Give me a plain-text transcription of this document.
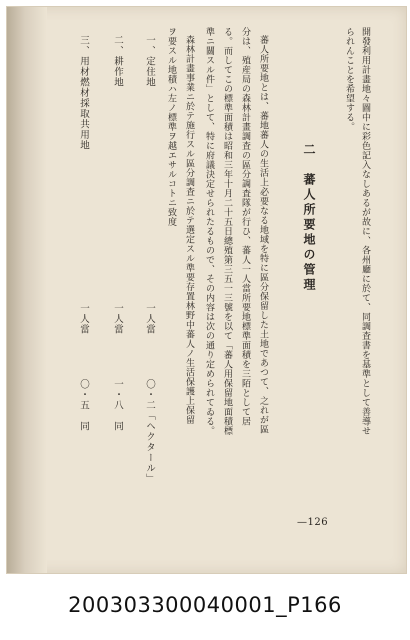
開發利用計畫地々圖中に彩色記入なしあるが故に、各州廳に於て、同調査書を基準として善導せ
られんことを希望する。
二　蕃人所要地の管理
蕃人所要地とは、蕃地蕃人の生活上必要なる地域を特に區分保留した土地であつて、之れが區
分は、殖産局の森林計畫調査の區分調査隊が行ひ、蕃人一人當所要地標準面積を三陌として居
る。而してこの標準面積は昭和三年十月二十五日總殖第三五一三號を以て「蕃人用保留地面積標
準ニ關スル件」として、特に府議決定せられたるもので、その内容は次の通り定められてゐる。
森林計畫事業ニ於テ施行スル區分調査ニ於テ選定スル準要存置林野中蕃人ノ生活保護上保留
ヲ要スル地積ハ左ノ標準ヲ越エサルコトニ致度
一、定住地
二、耕作地
三、用材燃材採取共用地
一人當
一人當
一人當
〇・二「ヘクタール」
一・八　同
〇・五　同
—126
200303300040001_P166
